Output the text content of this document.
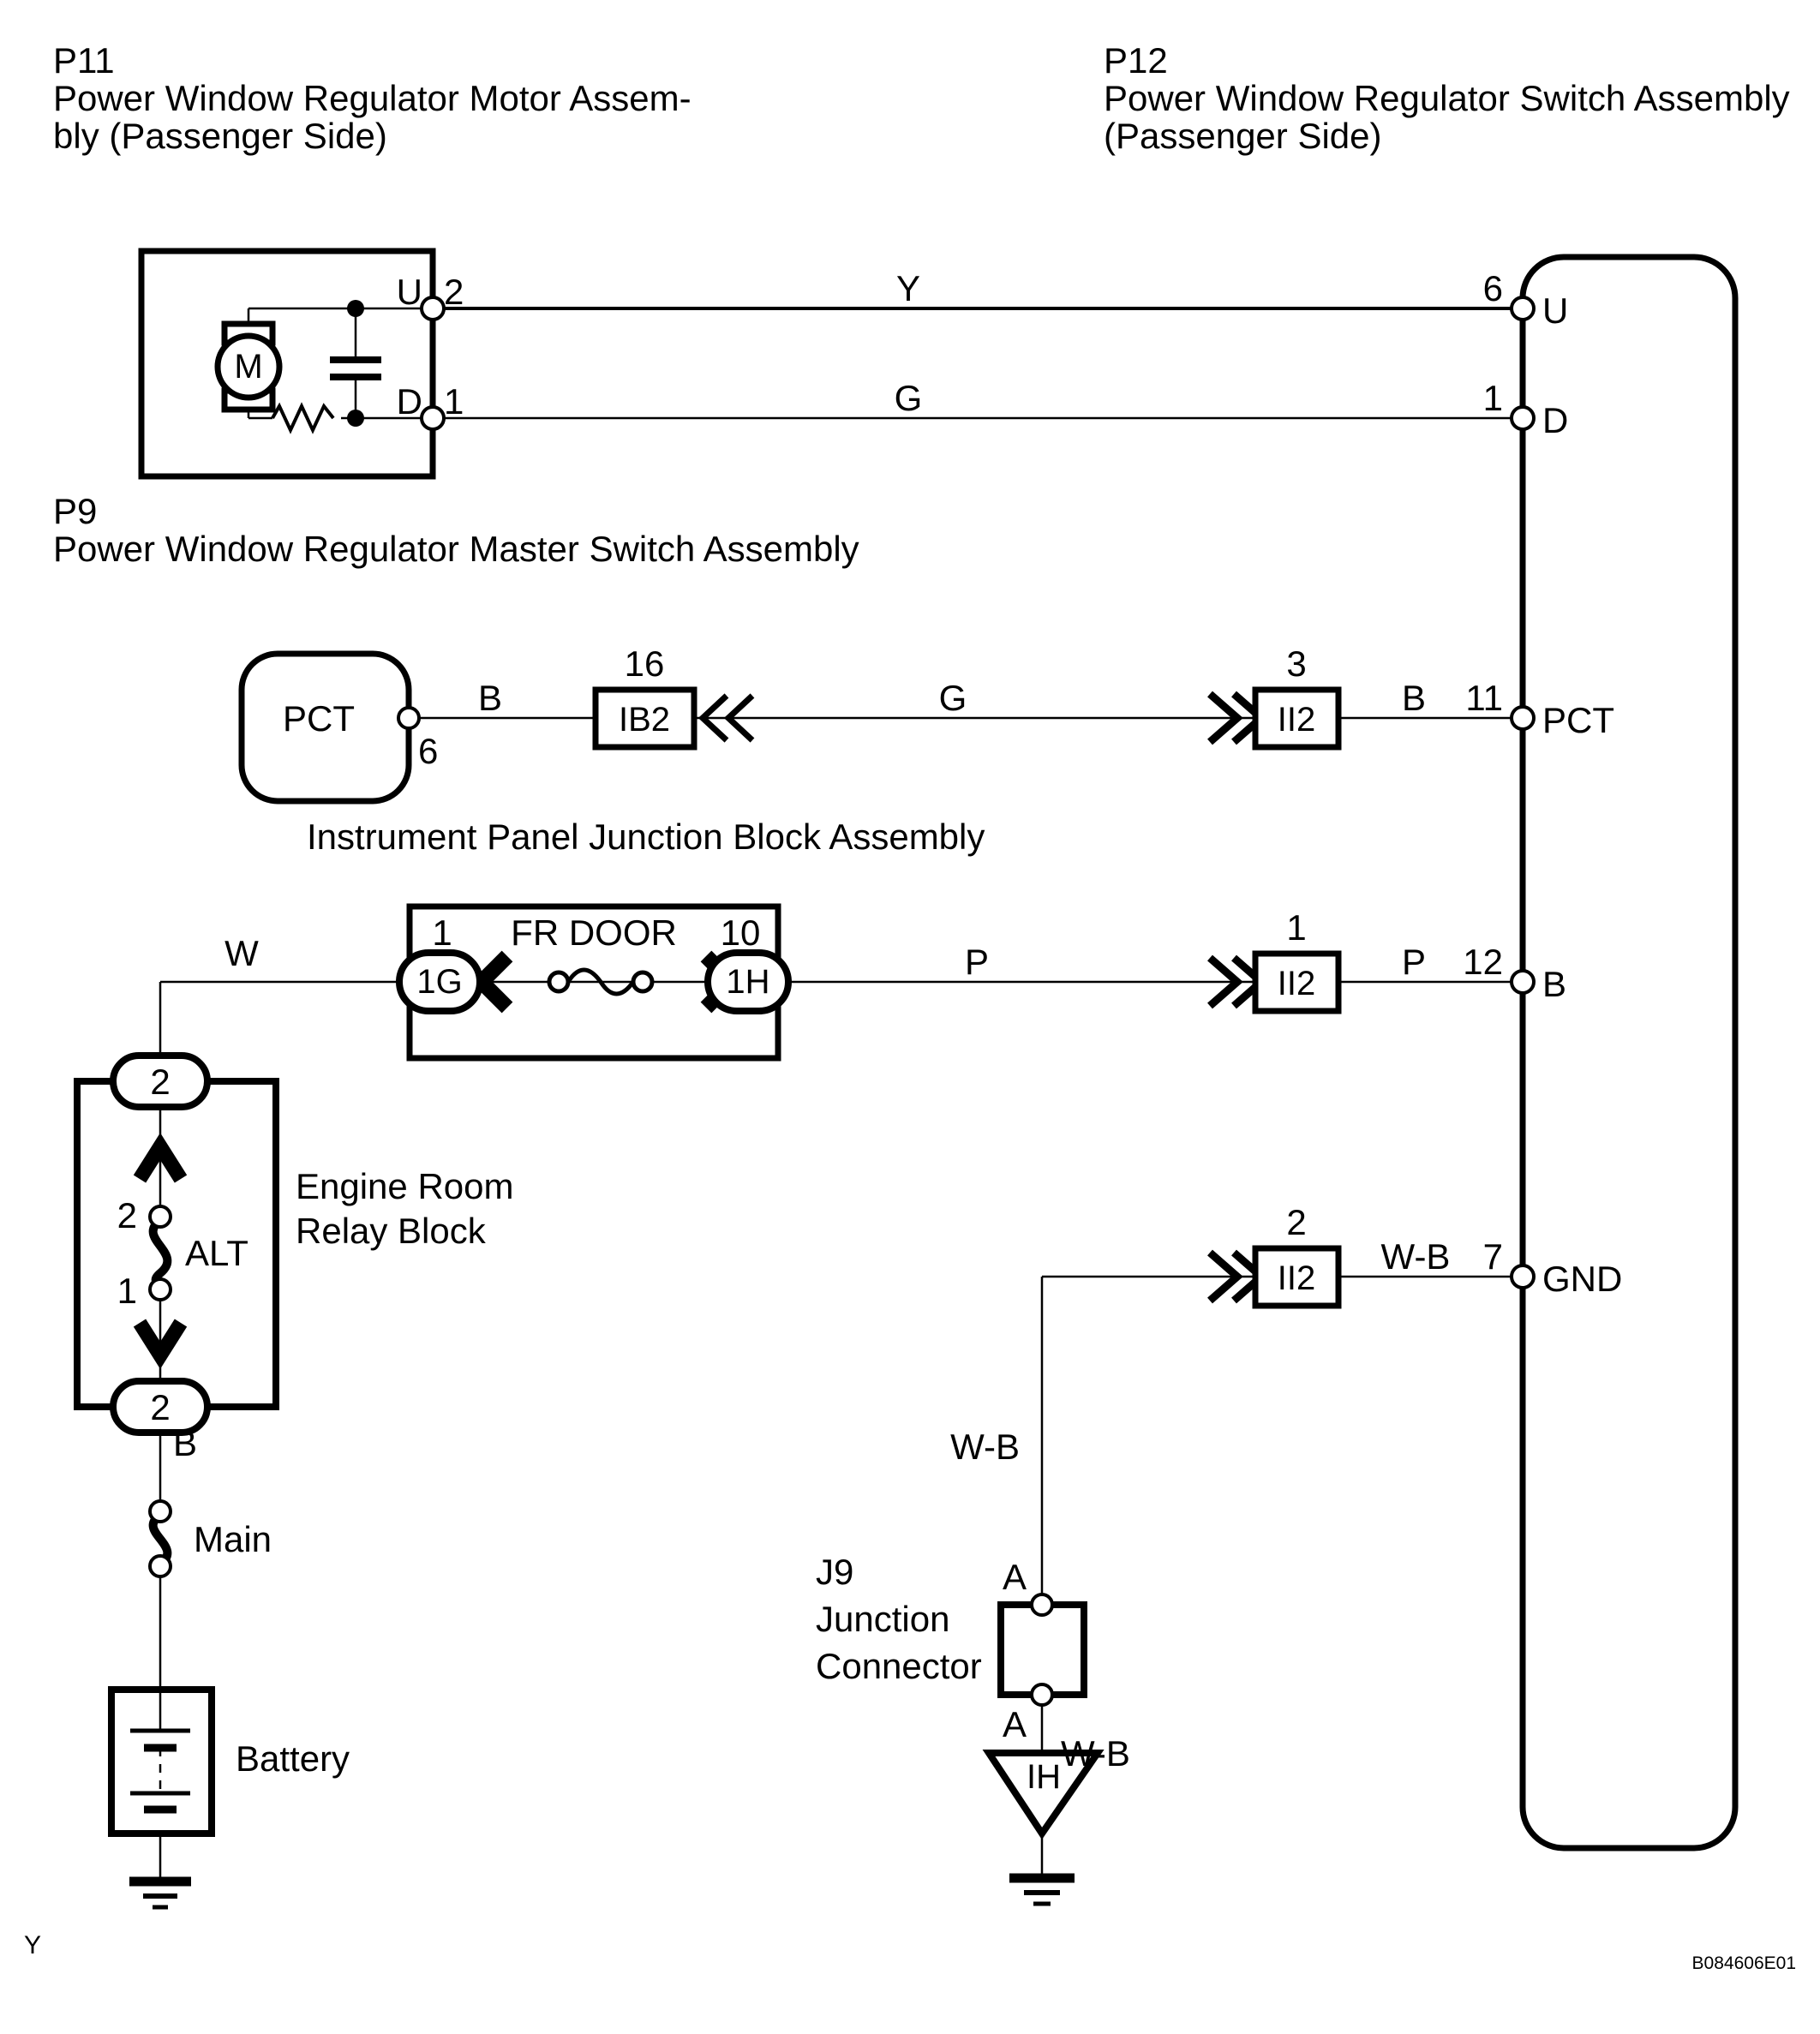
P11
Power Window Regulator Motor Assem-
bly (Passenger Side)
P12
Power Window Regulator Switch Assembly
(Passenger Side)
P9
Power Window Regulator Master Switch Assembly
Instrument Panel Junction Block Assembly
U 2
D 1
M
Y
G
6
U
1
D
11
PCT
12
B
7
GND
PCT
6
B
16
IB2
G
3
II2
B
W
1 FR DOOR 10
1G	1H	P
1
II2
P
Engine Room
Relay Block
2
2
2
1
ALT
B
Main
Battery
2
II2
W-B
W-B
A
A
W-B
J9
Junction
Connector
IH
Y
B084606E01
